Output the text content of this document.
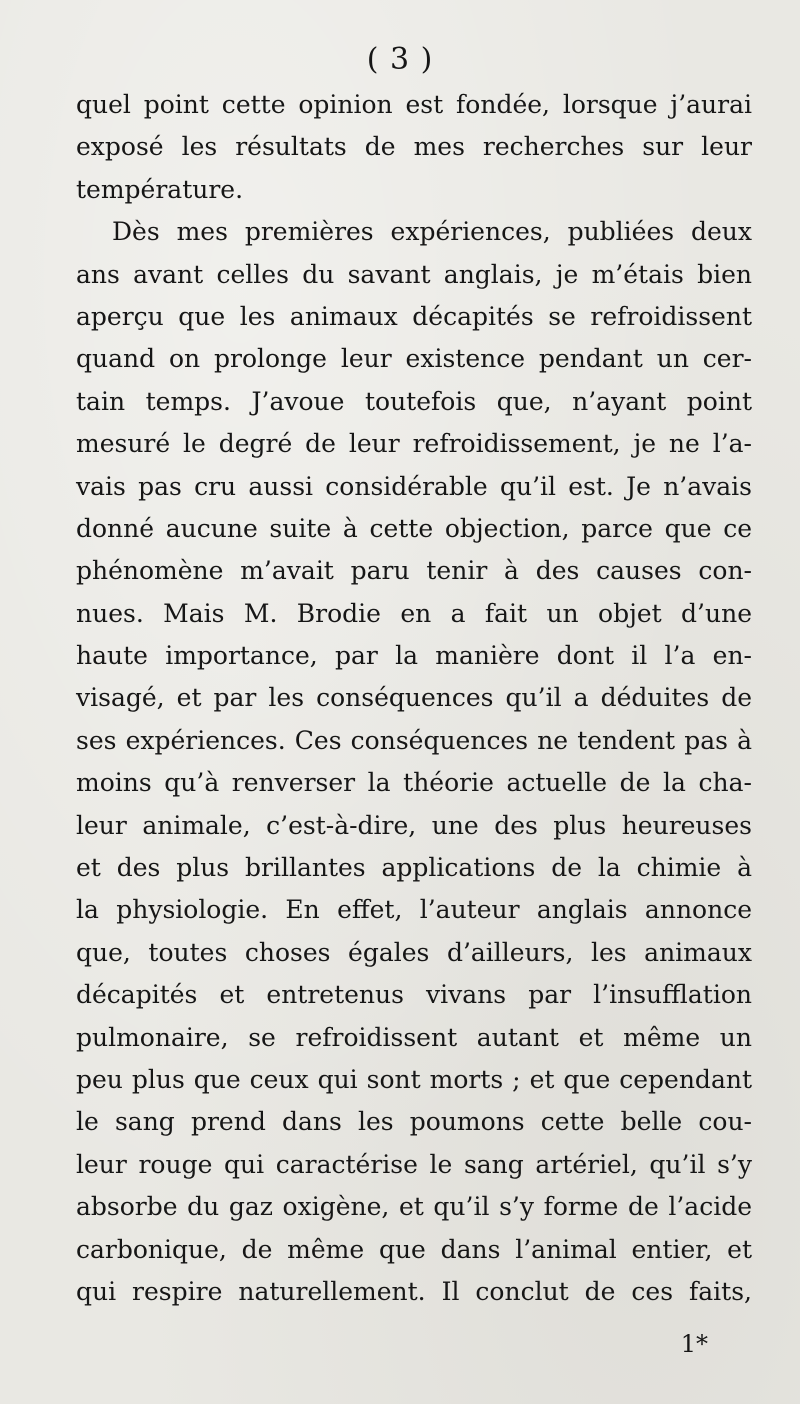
( 3 )
quel point cette opinion est fondée, lorsque j’aurai
exposé les résultats de mes recherches sur leur
température.
Dès mes premières expériences, publiées deux
ans avant celles du savant anglais, je m’étais bien
aperçu que les animaux décapités se refroidissent
quand on prolonge leur existence pendant un cer-
tain temps. J’avoue toutefois que, n’ayant point
mesuré le degré de leur refroidissement, je ne l’a-
vais pas cru aussi considérable qu’il est. Je n’avais
donné aucune suite à cette objection, parce que ce
phénomène m’avait paru tenir à des causes con-
nues. Mais M. Brodie en a fait un objet d’une
haute importance, par la manière dont il l’a en-
visagé, et par les conséquences qu’il a déduites de
ses expériences. Ces conséquences ne tendent pas à
moins qu’à renverser la théorie actuelle de la cha-
leur animale, c’est-à-dire, une des plus heureuses
et des plus brillantes applications de la chimie à
la physiologie. En effet, l’auteur anglais annonce
que, toutes choses égales d’ailleurs, les animaux
décapités et entretenus vivans par l’insufflation
pulmonaire, se refroidissent autant et même un
peu plus que ceux qui sont morts ; et que cependant
le sang prend dans les poumons cette belle cou-
leur rouge qui caractérise le sang artériel, qu’il s’y
absorbe du gaz oxigène, et qu’il s’y forme de l’acide
carbonique, de même que dans l’animal entier, et
qui respire naturellement. Il conclut de ces faits,
1*
